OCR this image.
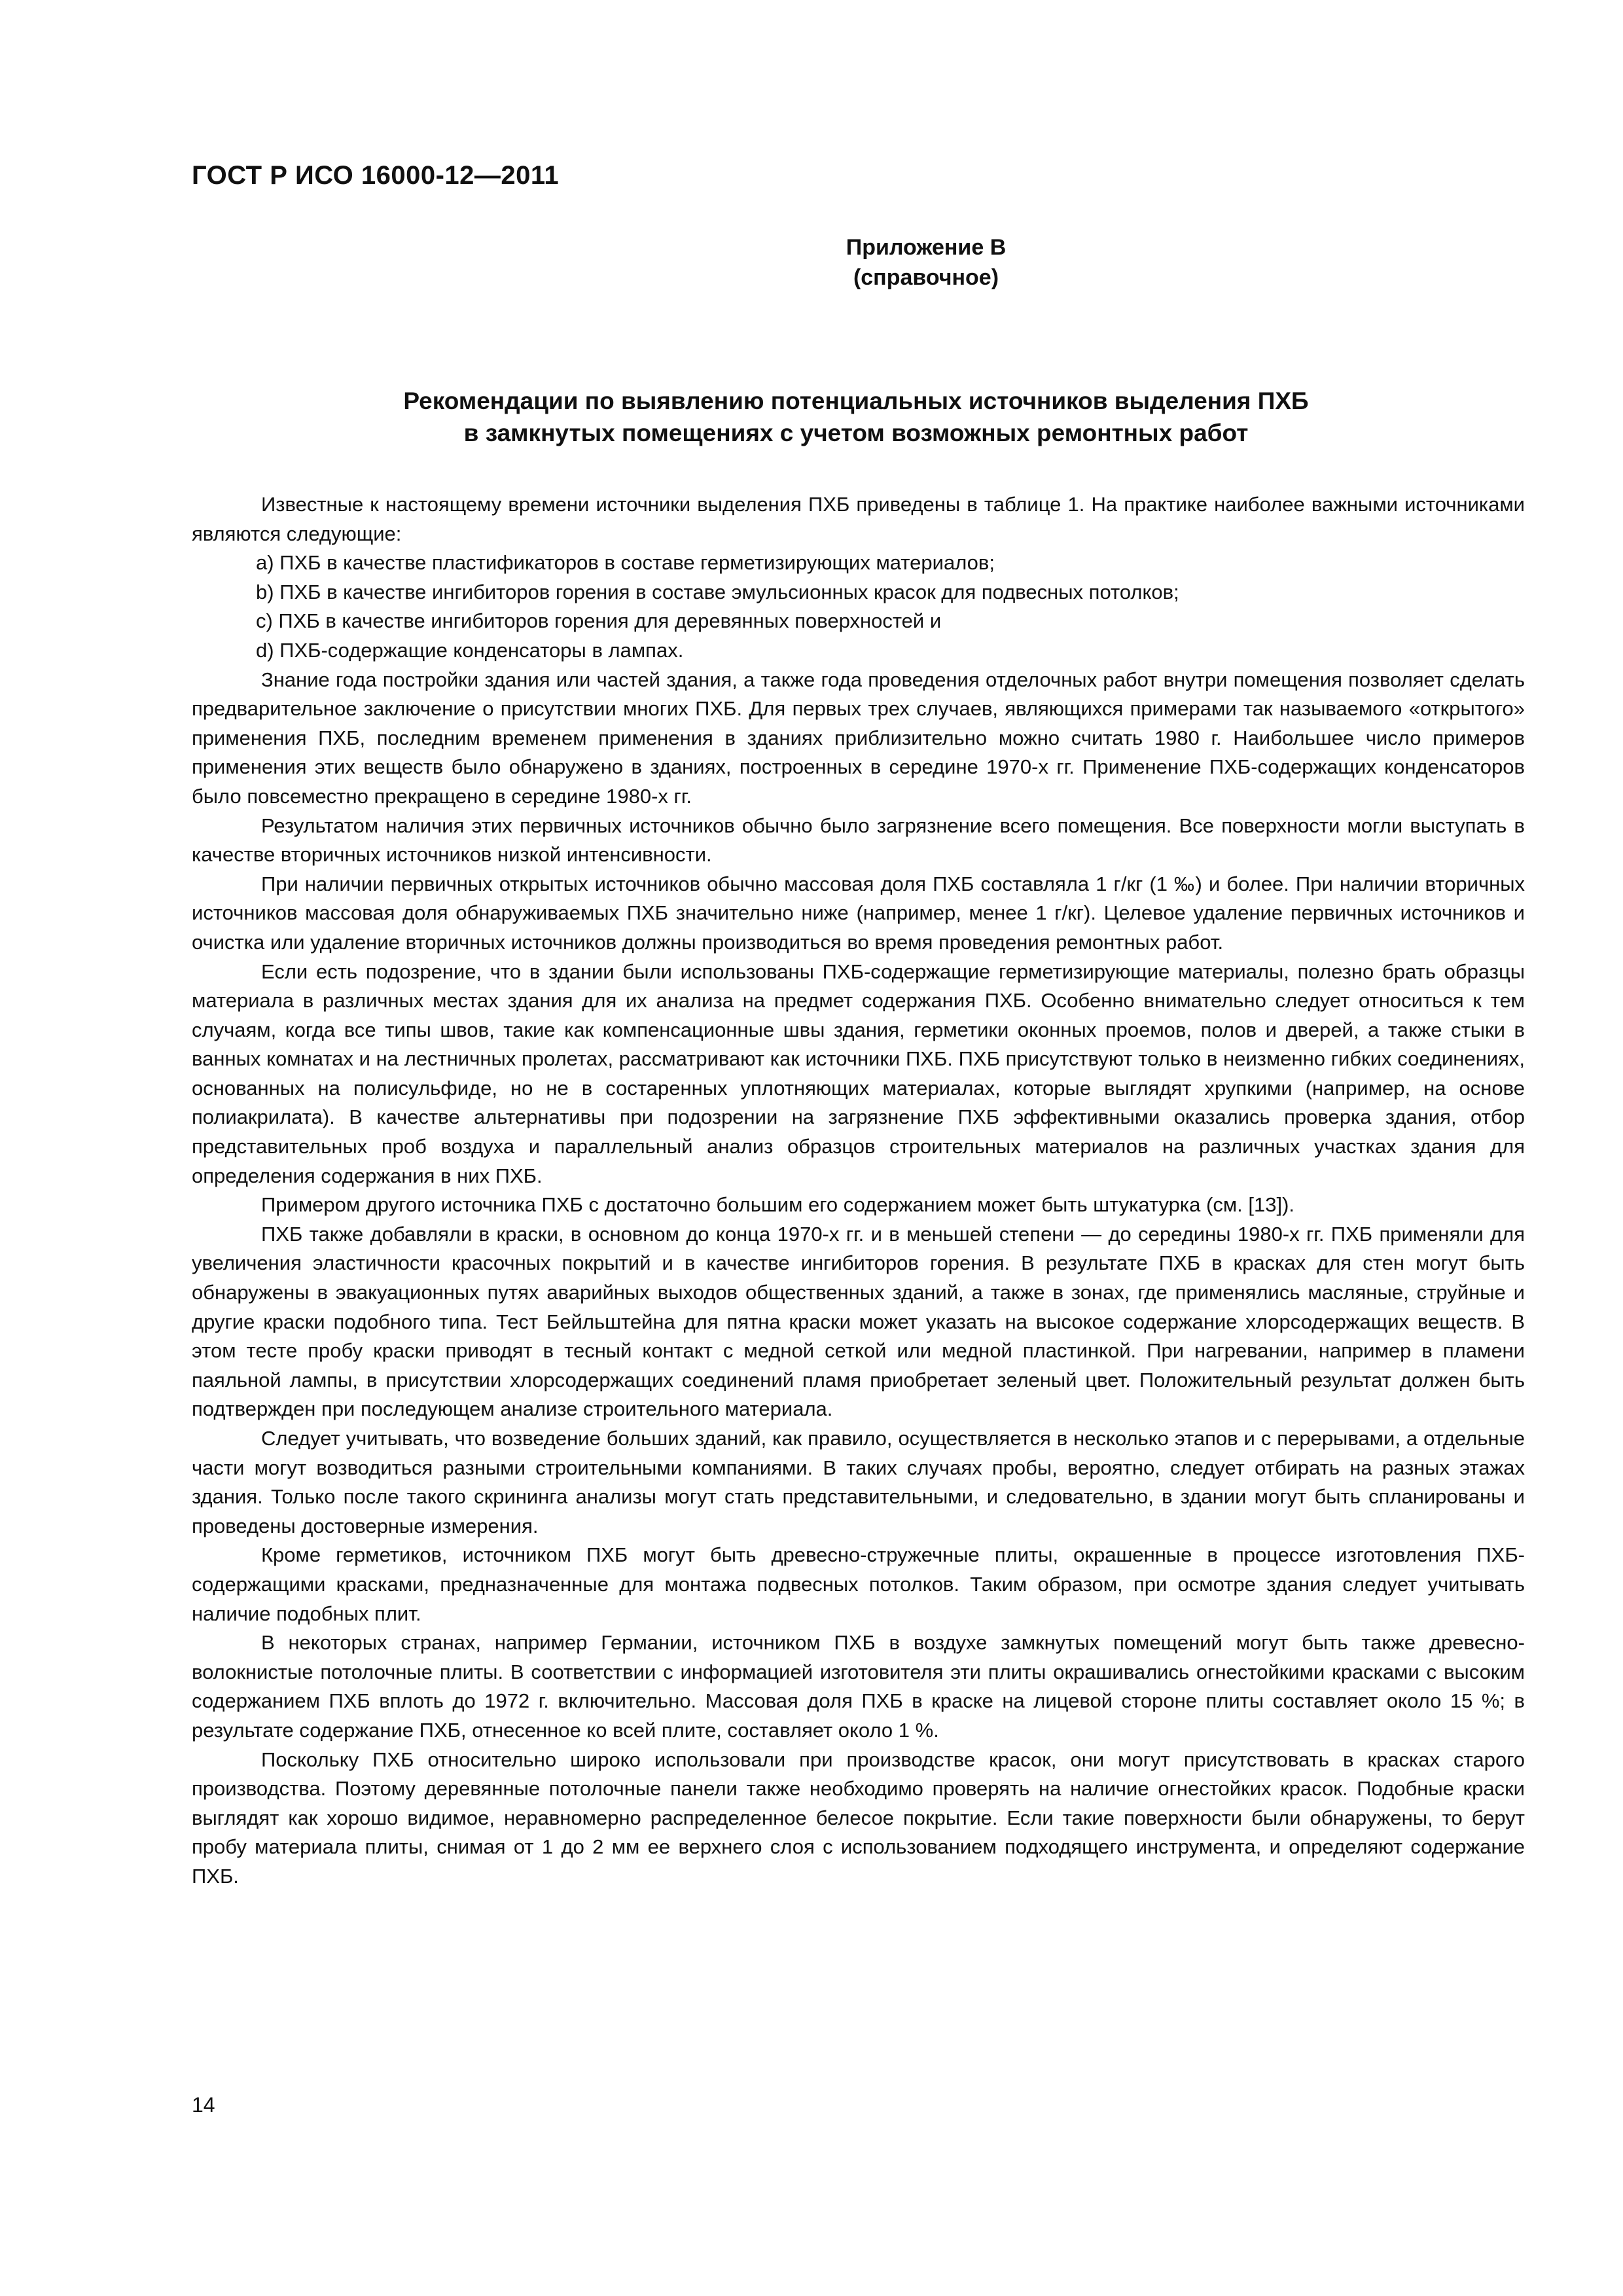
ГОСТ Р ИСО 16000-12—2011
Приложение В
(справочное)
Рекомендации по выявлению потенциальных источников выделения ПХБ
в замкнутых помещениях с учетом возможных ремонтных работ

Известные к настоящему времени источники выделения ПХБ приведены в таблице 1. На практике наиболее важными источниками являются следующие:

a) ПХБ в качестве пластификаторов в составе герметизирующих материалов;

b) ПХБ в качестве ингибиторов горения в составе эмульсионных красок для подвесных потолков;

c) ПХБ в качестве ингибиторов горения для деревянных поверхностей и

d) ПХБ-содержащие конденсаторы в лампах.

Знание года постройки здания или частей здания, а также года проведения отделочных работ внутри помещения позволяет сделать предварительное заключение о присутствии многих ПХБ. Для первых трех случаев, являющихся примерами так называемого «открытого» применения ПХБ, последним временем применения в зданиях приблизительно можно считать 1980 г. Наибольшее число примеров применения этих веществ было обнаружено в зданиях, построенных в середине 1970-х гг. Применение ПХБ-содержащих конденсаторов было повсеместно прекращено в середине 1980-х гг.

Результатом наличия этих первичных источников обычно было загрязнение всего помещения. Все поверхности могли выступать в качестве вторичных источников низкой интенсивности.

При наличии первичных открытых источников обычно массовая доля ПХБ составляла 1 г/кг (1 ‰) и более. При наличии вторичных источников массовая доля обнаруживаемых ПХБ значительно ниже (например, менее 1 г/кг). Целевое удаление первичных источников и очистка или удаление вторичных источников должны производиться во время проведения ремонтных работ.

Если есть подозрение, что в здании были использованы ПХБ-содержащие герметизирующие материалы, полезно брать образцы материала в различных местах здания для их анализа на предмет содержания ПХБ. Особенно внимательно следует относиться к тем случаям, когда все типы швов, такие как компенсационные швы здания, герметики оконных проемов, полов и дверей, а также стыки в ванных комнатах и на лестничных пролетах, рассматривают как источники ПХБ. ПХБ присутствуют только в неизменно гибких соединениях, основанных на полисульфиде, но не в состаренных уплотняющих материалах, которые выглядят хрупкими (например, на основе полиакрилата). В качестве альтернативы при подозрении на загрязнение ПХБ эффективными оказались проверка здания, отбор представительных проб воздуха и параллельный анализ образцов строительных материалов на различных участках здания для определения содержания в них ПХБ.

Примером другого источника ПХБ с достаточно большим его содержанием может быть штукатурка (см. [13]).

ПХБ также добавляли в краски, в основном до конца 1970-х гг. и в меньшей степени — до середины 1980-х гг. ПХБ применяли для увеличения эластичности красочных покрытий и в качестве ингибиторов горения. В результате ПХБ в красках для стен могут быть обнаружены в эвакуационных путях аварийных выходов общественных зданий, а также в зонах, где применялись масляные, струйные и другие краски подобного типа. Тест Бейльштейна для пятна краски может указать на высокое содержание хлорсодержащих веществ. В этом тесте пробу краски приводят в тесный контакт с медной сеткой или медной пластинкой. При нагревании, например в пламени паяльной лампы, в присутствии хлорсодержащих соединений пламя приобретает зеленый цвет. Положительный результат должен быть подтвержден при последующем анализе строительного материала.

Следует учитывать, что возведение больших зданий, как правило, осуществляется в несколько этапов и с перерывами, а отдельные части могут возводиться разными строительными компаниями. В таких случаях пробы, вероятно, следует отбирать на разных этажах здания. Только после такого скрининга анализы могут стать представительными, и следовательно, в здании могут быть спланированы и проведены достоверные измерения.

Кроме герметиков, источником ПХБ могут быть древесно-стружечные плиты, окрашенные в процессе изготовления ПХБ-содержащими красками, предназначенные для монтажа подвесных потолков. Таким образом, при осмотре здания следует учитывать наличие подобных плит.

В некоторых странах, например Германии, источником ПХБ в воздухе замкнутых помещений могут быть также древесно-волокнистые потолочные плиты. В соответствии с информацией изготовителя эти плиты окрашивались огнестойкими красками с высоким содержанием ПХБ вплоть до 1972 г. включительно. Массовая доля ПХБ в краске на лицевой стороне плиты составляет около 15 %; в результате содержание ПХБ, отнесенное ко всей плите, составляет около 1 %.

Поскольку ПХБ относительно широко использовали при производстве красок, они могут присутствовать в красках старого производства. Поэтому деревянные потолочные панели также необходимо проверять на наличие огнестойких красок. Подобные краски выглядят как хорошо видимое, неравномерно распределенное белесое покрытие. Если такие поверхности были обнаружены, то берут пробу материала плиты, снимая от 1 до 2 мм ее верхнего слоя с использованием подходящего инструмента, и определяют содержание ПХБ.

14
